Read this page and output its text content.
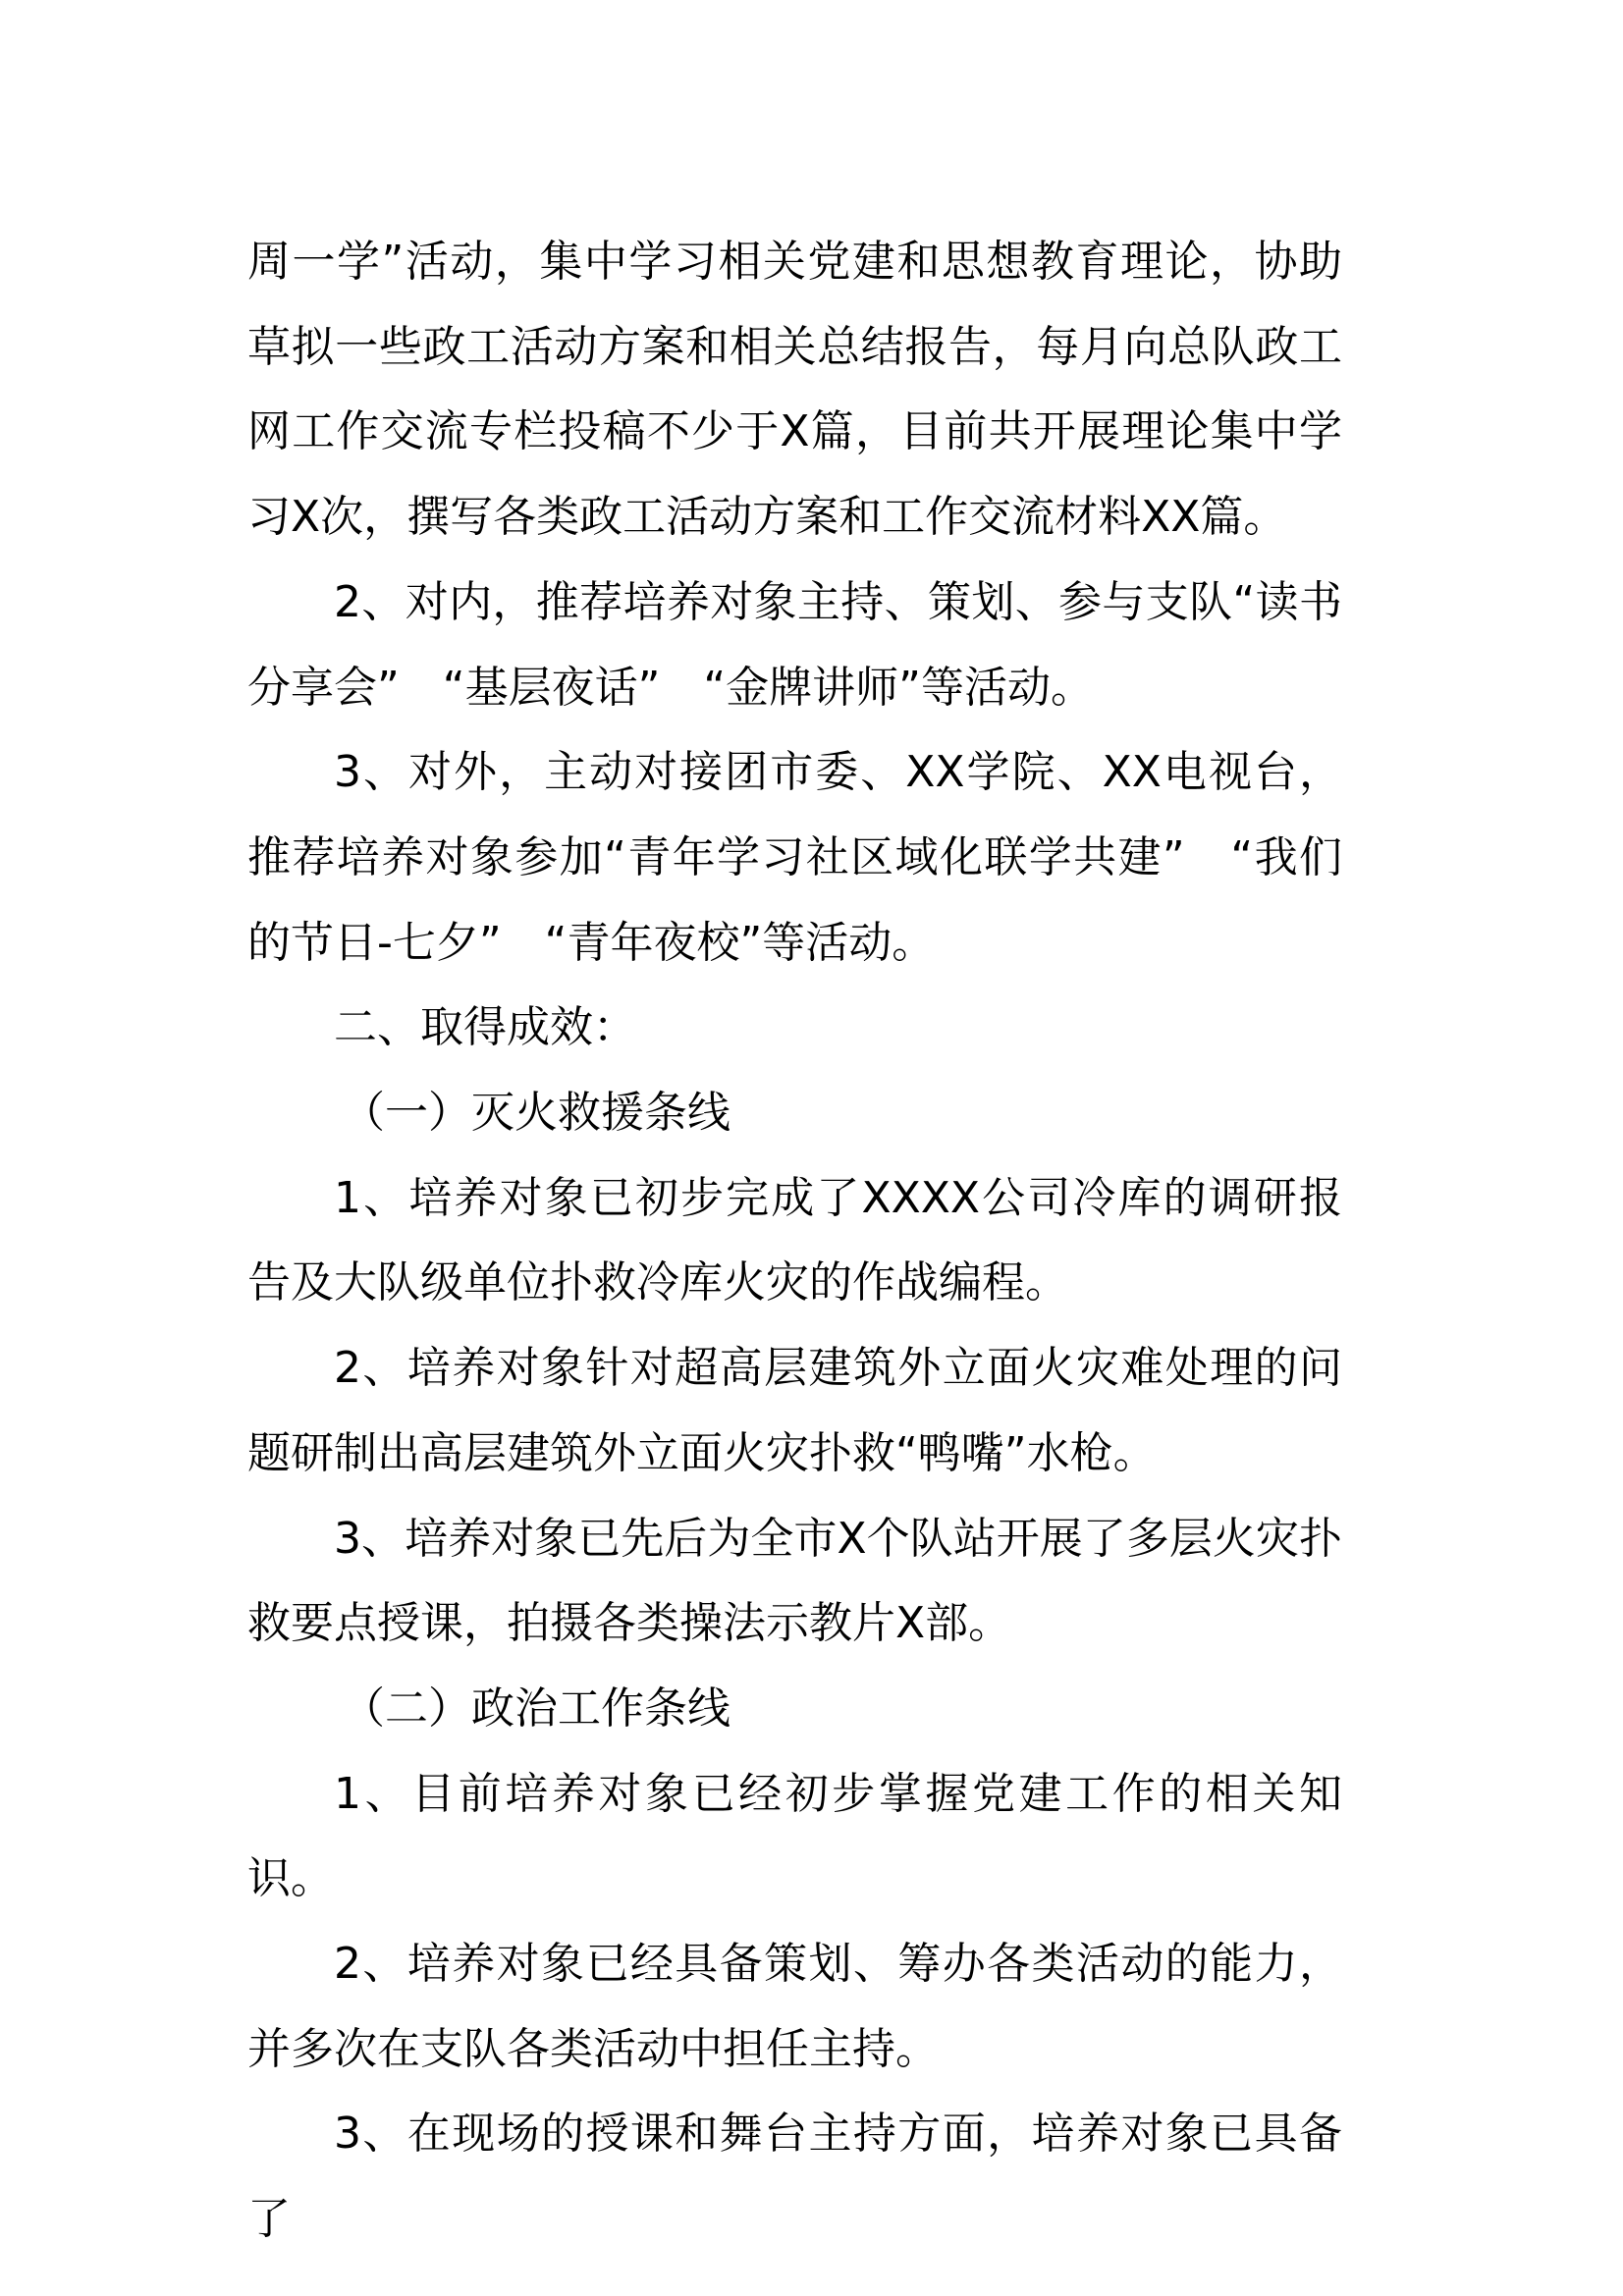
周一学”活动，集中学习相关党建和思想教育理论，协助草拟一些政工活动方案和相关总结报告，每月向总队政工网工作交流专栏投稿不少于X篇，目前共开展理论集中学习X次，撰写各类政工活动方案和工作交流材料XX篇。

2、对内，推荐培养对象主持、策划、参与支队“读书分享会”　“基层夜话”　“金牌讲师”等活动。

3、对外，主动对接团市委、XX学院、XX电视台，推荐培养对象参加“青年学习社区域化联学共建”　“我们的节日-七夕”　“青年夜校”等活动。

二、取得成效：

（一）灭火救援条线

1、培养对象已初步完成了XXXX公司冷库的调研报告及大队级单位扑救冷库火灾的作战编程。

2、培养对象针对超高层建筑外立面火灾难处理的问题研制出高层建筑外立面火灾扑救“鸭嘴”水枪。

3、培养对象已先后为全市X个队站开展了多层火灾扑救要点授课，拍摄各类操法示教片X部。

（二）政治工作条线

1、目前培养对象已经初步掌握党建工作的相关知识。

2、培养对象已经具备策划、筹办各类活动的能力，并多次在支队各类活动中担任主持。

3、在现场的授课和舞台主持方面，培养对象已具备了
